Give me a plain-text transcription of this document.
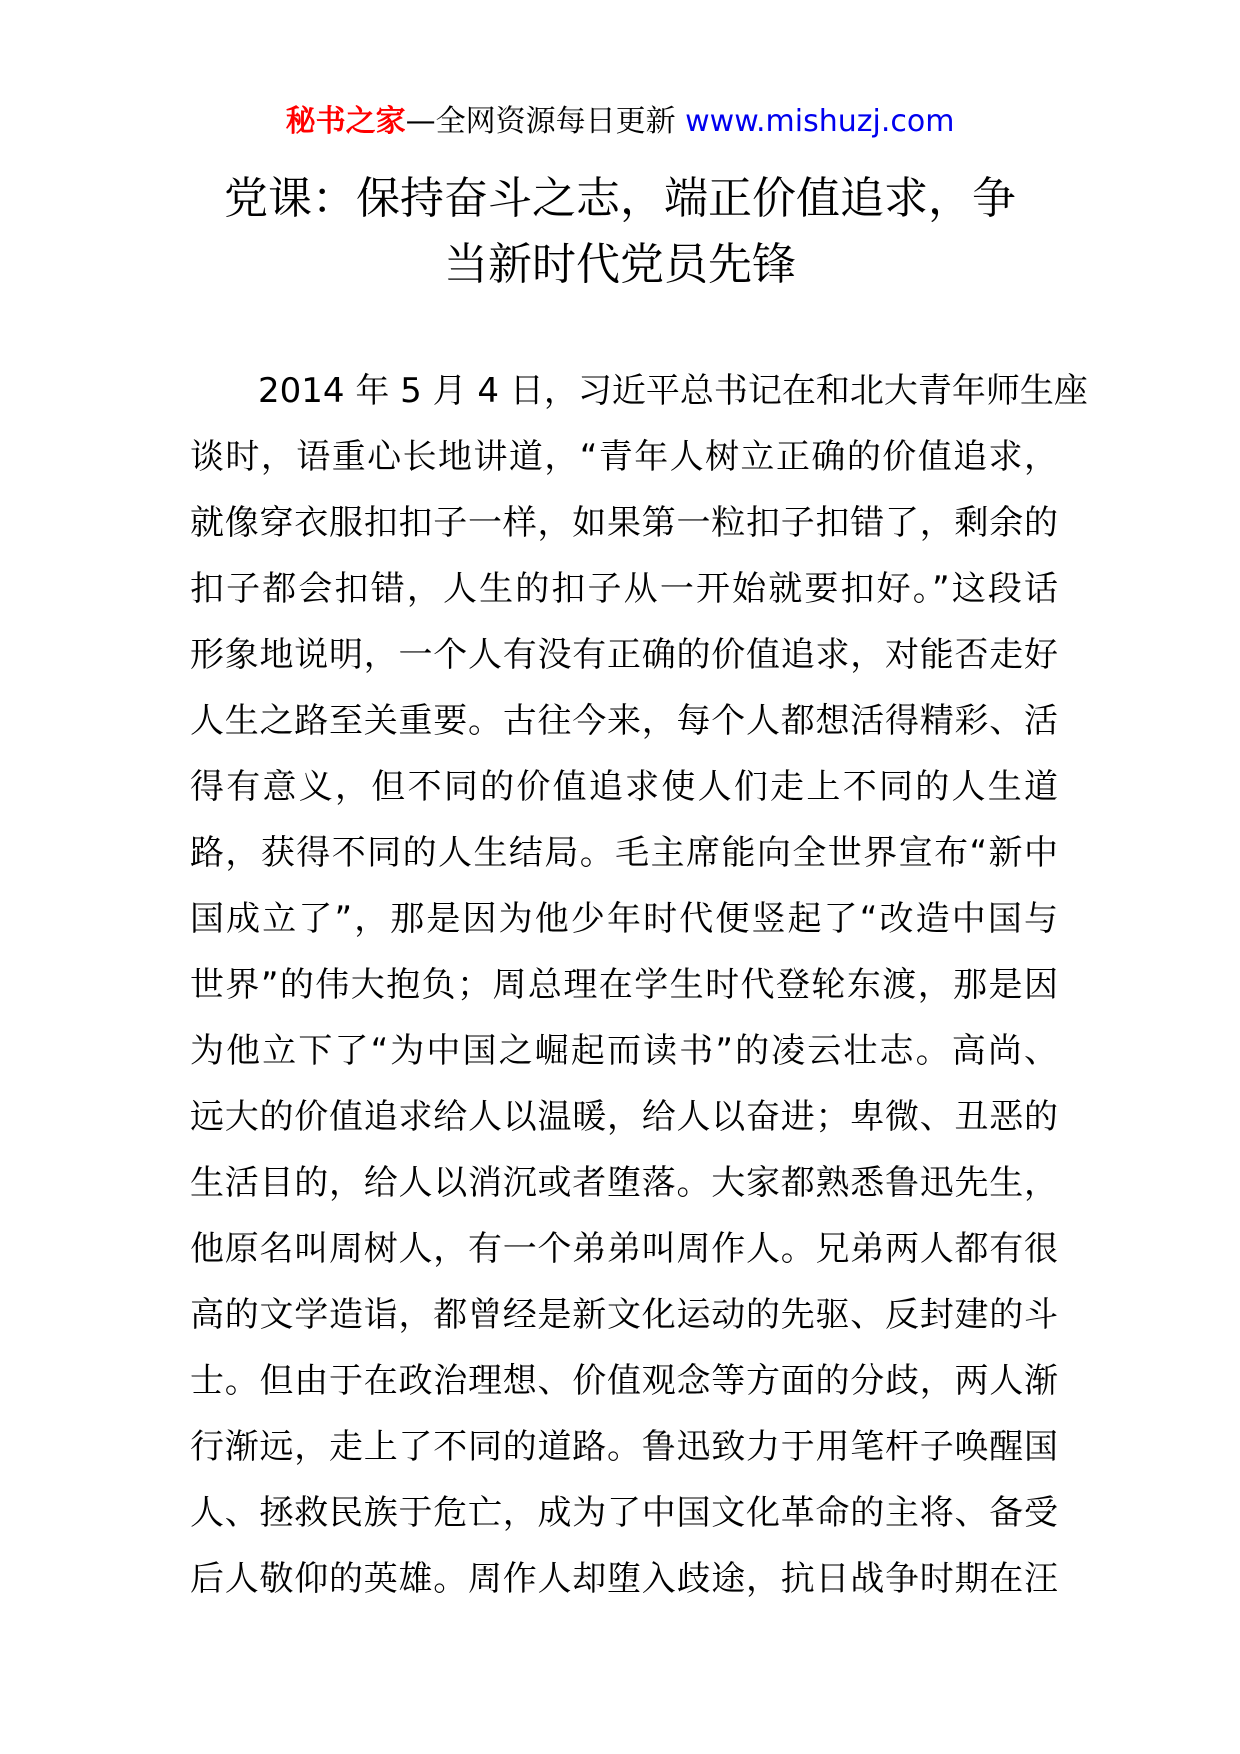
秘书之家—全网资源每日更新 www.mishuzj.com
党课：保持奋斗之志，端正价值追求，争
当新时代党员先锋
2014 年 5 月 4 日，习近平总书记在和北大青年师生座
谈时，语重心长地讲道，“青年人树立正确的价值追求，
就像穿衣服扣扣子一样，如果第一粒扣子扣错了，剩余的
扣子都会扣错，人生的扣子从一开始就要扣好。”这段话
形象地说明，一个人有没有正确的价值追求，对能否走好
人生之路至关重要。古往今来，每个人都想活得精彩、活
得有意义，但不同的价值追求使人们走上不同的人生道
路，获得不同的人生结局。毛主席能向全世界宣布“新中
国成立了”，那是因为他少年时代便竖起了“改造中国与
世界”的伟大抱负；周总理在学生时代登轮东渡，那是因
为他立下了“为中国之崛起而读书”的凌云壮志。高尚、
远大的价值追求给人以温暖，给人以奋进；卑微、丑恶的
生活目的，给人以消沉或者堕落。大家都熟悉鲁迅先生，
他原名叫周树人，有一个弟弟叫周作人。兄弟两人都有很
高的文学造诣，都曾经是新文化运动的先驱、反封建的斗
士。但由于在政治理想、价值观念等方面的分歧，两人渐
行渐远，走上了不同的道路。鲁迅致力于用笔杆子唤醒国
人、拯救民族于危亡，成为了中国文化革命的主将、备受
后人敬仰的英雄。周作人却堕入歧途，抗日战争时期在汪
